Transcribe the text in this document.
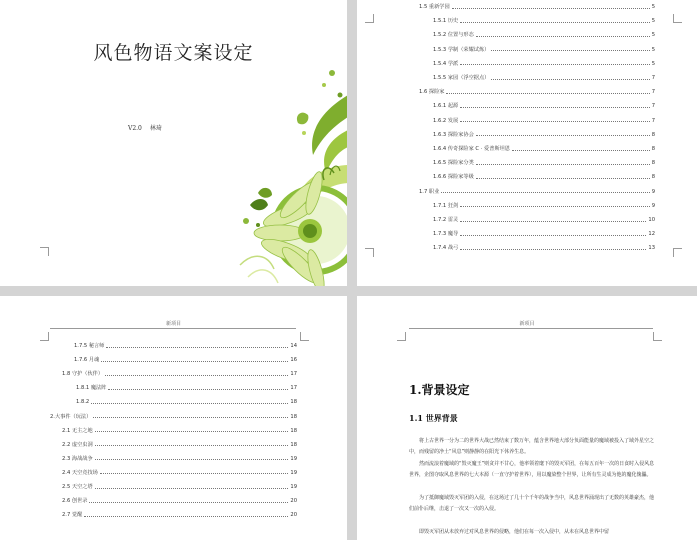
风色物语文案设定
V2.0 林琦
1.5 重新学园	5
1.5.1 历史	5
1.5.2 位置与形态	5
1.5.3 学制（荣耀试炼）	5
1.5.4 学派	5
1.5.5 家园（浮空据点）	7
1.6 探险家	7
1.6.1 起源	7
1.6.2 发展	7
1.6.3 探险家协会	8
1.6.4 传奇探险家 C · 爱普斯坦恩	8
1.6.5 探险家分类	8
1.6.6 探险家等级	8
1.7 职业	9
1.7.1 狂剑	9
1.7.2 雷灵	10
1.7.3 魔导	12
1.7.4 战弓	13
新项目
1.7.5 秘言师	14
1.7.6 月魂	16
1.8 守护（伙伴）	17
1.8.1 魔法阵	17
1.8.2	18
2.大事件（玩法）	18
2.1 无主之地	18
2.2 虚空虫洞	18
2.3 海战战争	19
2.4 天空竞技场	19
2.5 天空之塔	19
2.6 创世录	20
2.7 觉醒	20
新项目
1.背景设定
1.1 世界背景
将上古世界一分为二的世界大战已然结束了数万年，蕴含世界地大部分负面能量的魔域被投入了域外星空之中，而残留的净土“风息”则静静的在阳光下休养生息。
然而流浪着魔域的“毁灭魔王”则贪并不甘心，他率领着麾下的毁灭军团，在每五百年一次的日食时入侵风息世界，企图夺取风息世界的七大本源（一直守护着世界），用以魔染整个世界，让所有生灵成为他的魔化傀儡。
为了抵御魔域毁灭军团的入侵，在这场过了几十个千年的战争当中，风息世界涌现出了无数的英雄豪杰，他们前仆后继，击退了一次又一次的入侵。
即毁灭军团从未放弃过对风息世界的侵略，他们在每一次入侵中，从未在风息世界中留
